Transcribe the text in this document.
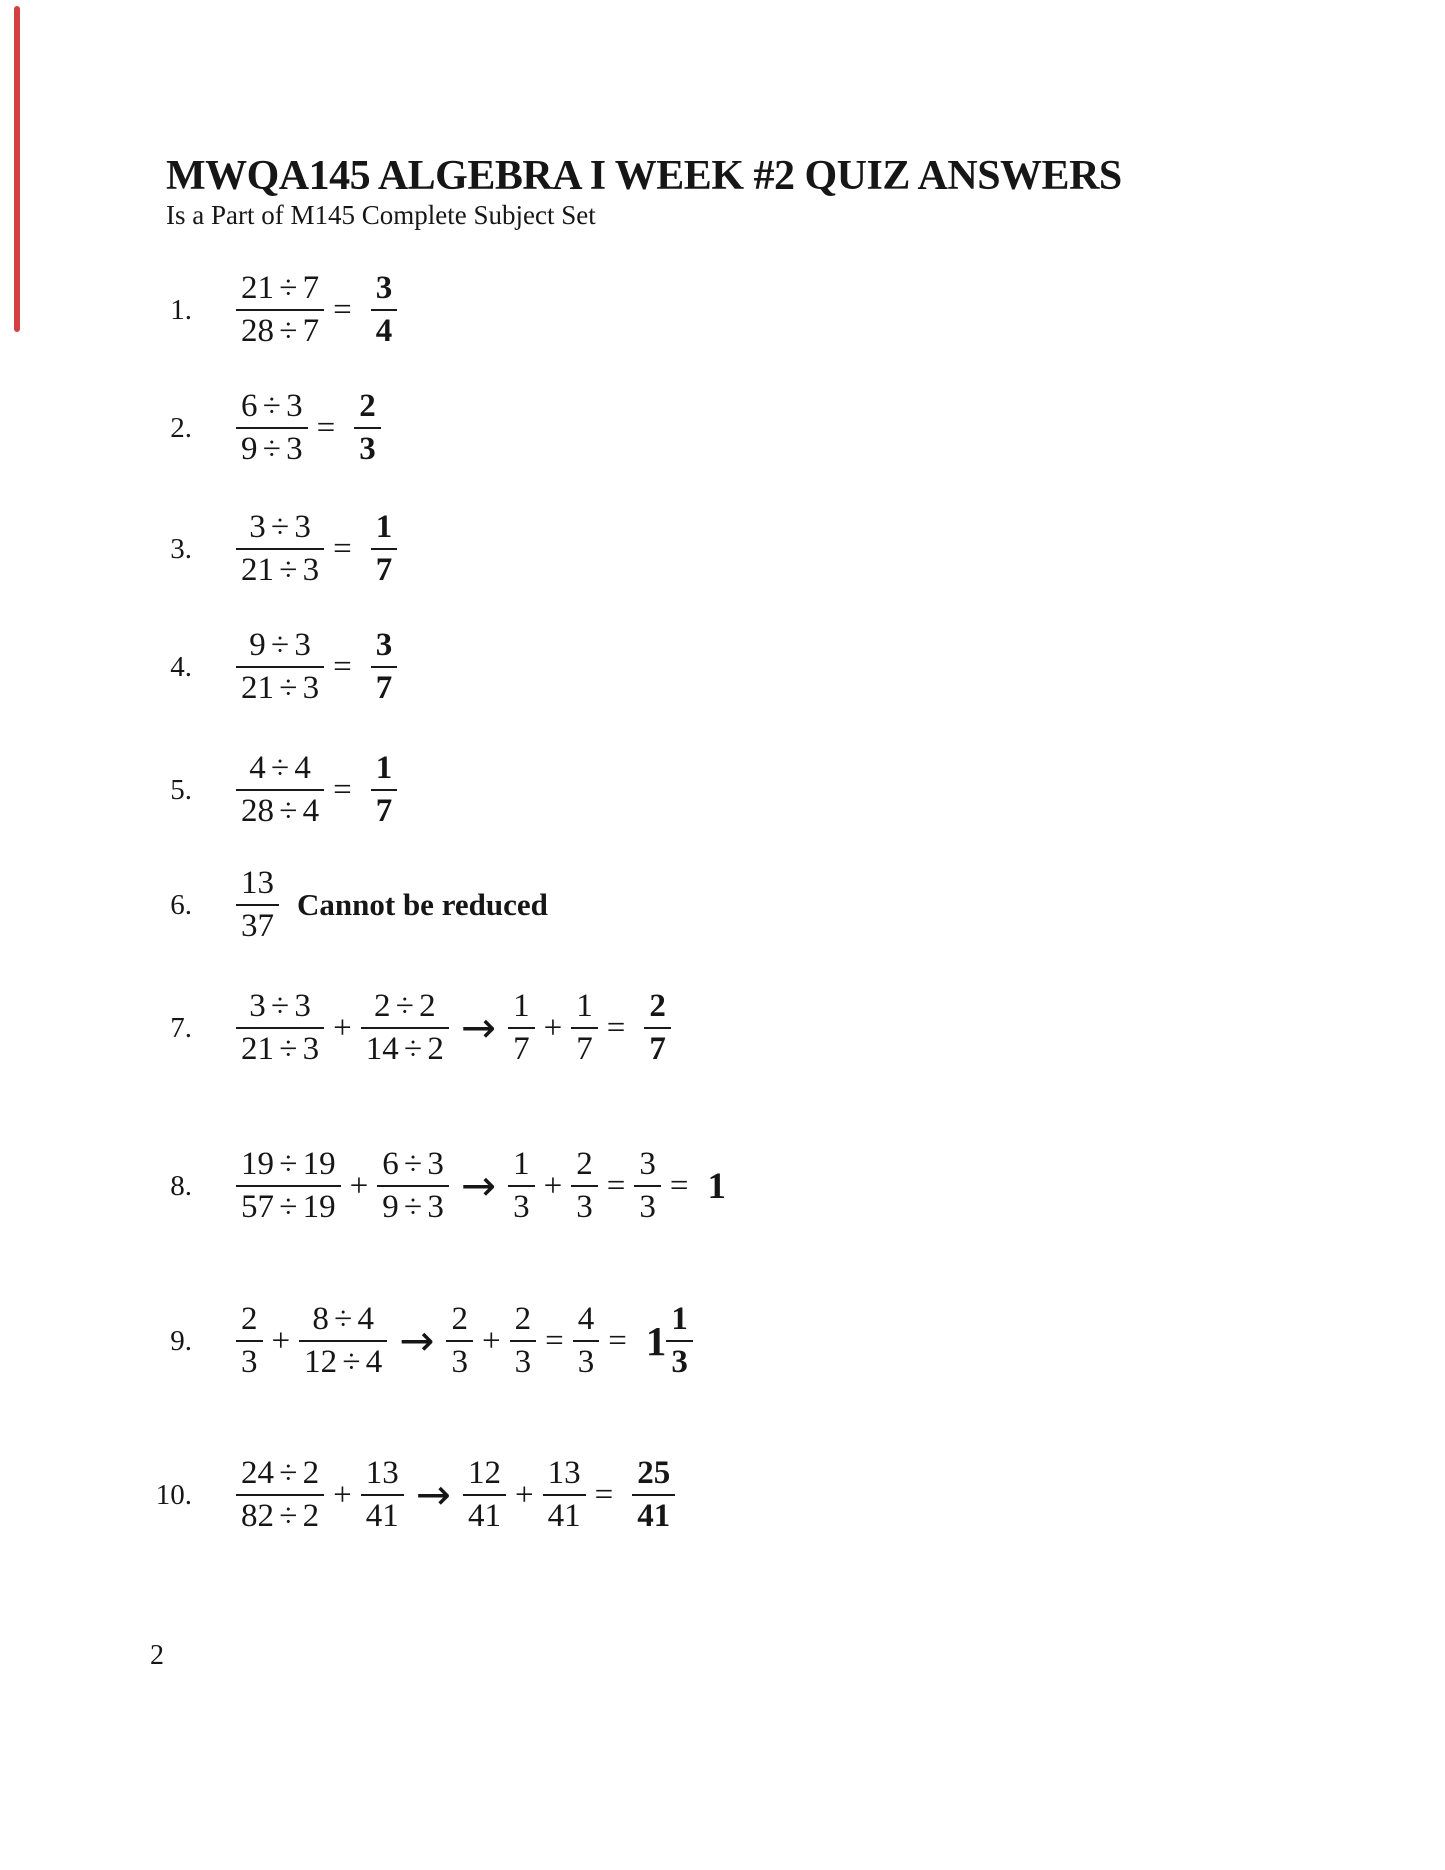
MWQA145 ALGEBRA I WEEK #2 QUIZ ANSWERS
Is a Part of M145 Complete Subject Set
1. $\frac{21 \div 7}{28 \div 7} = \frac{3}{4}$
2. $\frac{6 \div 3}{9 \div 3} = \frac{2}{3}$
3. $\frac{3 \div 3}{21 \div 3} = \frac{1}{7}$
4. $\frac{9 \div 3}{21 \div 3} = \frac{3}{7}$
5. $\frac{4 \div 4}{28 \div 4} = \frac{1}{7}$
6. $\frac{13}{37}$ Cannot be reduced
7. $\frac{3 \div 3}{21 \div 3} + \frac{2 \div 2}{14 \div 2} \to \frac{1}{7} + \frac{1}{7} = \frac{2}{7}$
8. $\frac{19 \div 19}{57 \div 19} + \frac{6 \div 3}{9 \div 3} \to \frac{1}{3} + \frac{2}{3} = \frac{3}{3} = 1$
9. $\frac{2}{3} + \frac{8 \div 4}{12 \div 4} \to \frac{2}{3} + \frac{2}{3} = \frac{4}{3} = 1 \frac{1}{3}$
10. $\frac{24 \div 2}{82 \div 2} + \frac{13}{41} \to \frac{12}{41} + \frac{13}{41} = \frac{25}{41}$
2
